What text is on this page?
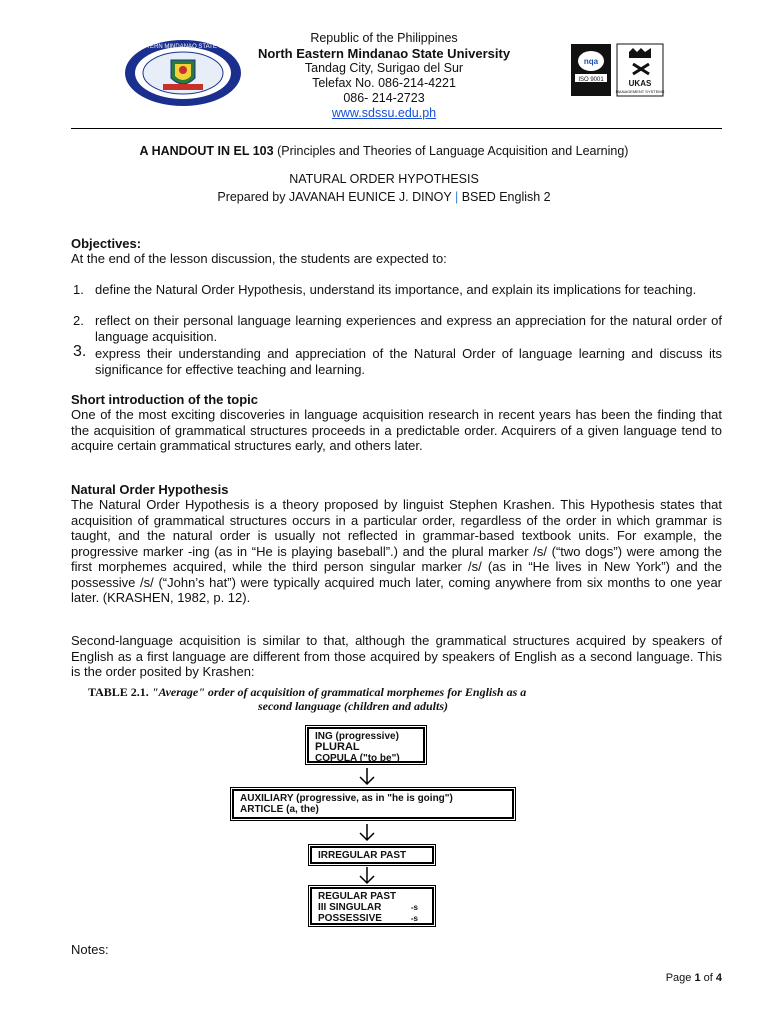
NORTH EASTERN MINDANAO STATE UNIVERSITY
nqa
ISO 9001	UKAS
MANAGEMENT SYSTEMS
Republic of the Philippines
North Eastern Mindanao State University
Tandag City, Surigao del Sur
Telefax No. 086-214-4221
086- 214-2723
www.sdssu.edu.ph
A HANDOUT IN EL 103 (Principles and Theories of Language Acquisition and Learning)
NATURAL ORDER HYPOTHESIS
Prepared by JAVANAH EUNICE J. DINOY | BSED English 2
Objectives:
At the end of the lesson discussion, the students are expected to:
1. define the Natural Order Hypothesis, understand its importance, and explain its implications for teaching.
2. reflect on their personal language learning experiences and express an appreciation for the natural order of language acquisition.
3. express their understanding and appreciation of the Natural Order of language learning and discuss its significance for effective teaching and learning.
Short introduction of the topic
One of the most exciting discoveries in language acquisition research in recent years has been the finding that the acquisition of grammatical structures proceeds in a predictable order. Acquirers of a given language tend to acquire certain grammatical structures early, and others later.
Natural Order Hypothesis
The Natural Order Hypothesis is a theory proposed by linguist Stephen Krashen. This Hypothesis states that acquisition of grammatical structures occurs in a particular order, regardless of the order in which grammar is taught, and the natural order is usually not reflected in grammar-based textbook units. For example, the progressive marker -ing (as in “He is playing baseball”.) and the plural marker /s/ (“two dogs”) were among the first morphemes acquired, while the third person singular marker /s/ (as in “He lives in New York”) and the possessive /s/ (“John’s hat”) were typically acquired much later, coming anywhere from six months to one year later. (KRASHEN, 1982, p. 12).
Second-language acquisition is similar to that, although the grammatical structures acquired by speakers of English as a first language are different from those acquired by speakers of English as a second language. This is the order posited by Krashen:
TABLE 2.1. "Average" order of acquisition of grammatical morphemes for English as a
second language (children and adults)
ING (progressive)
PLURAL
COPULA ("to be")
AUXILIARY (progressive, as in "he is going")
ARTICLE (a, the)
IRREGULAR PAST
REGULAR PAST
III SINGULAR	-s
POSSESSIVE	-s
Notes:
Page 1 of 4
